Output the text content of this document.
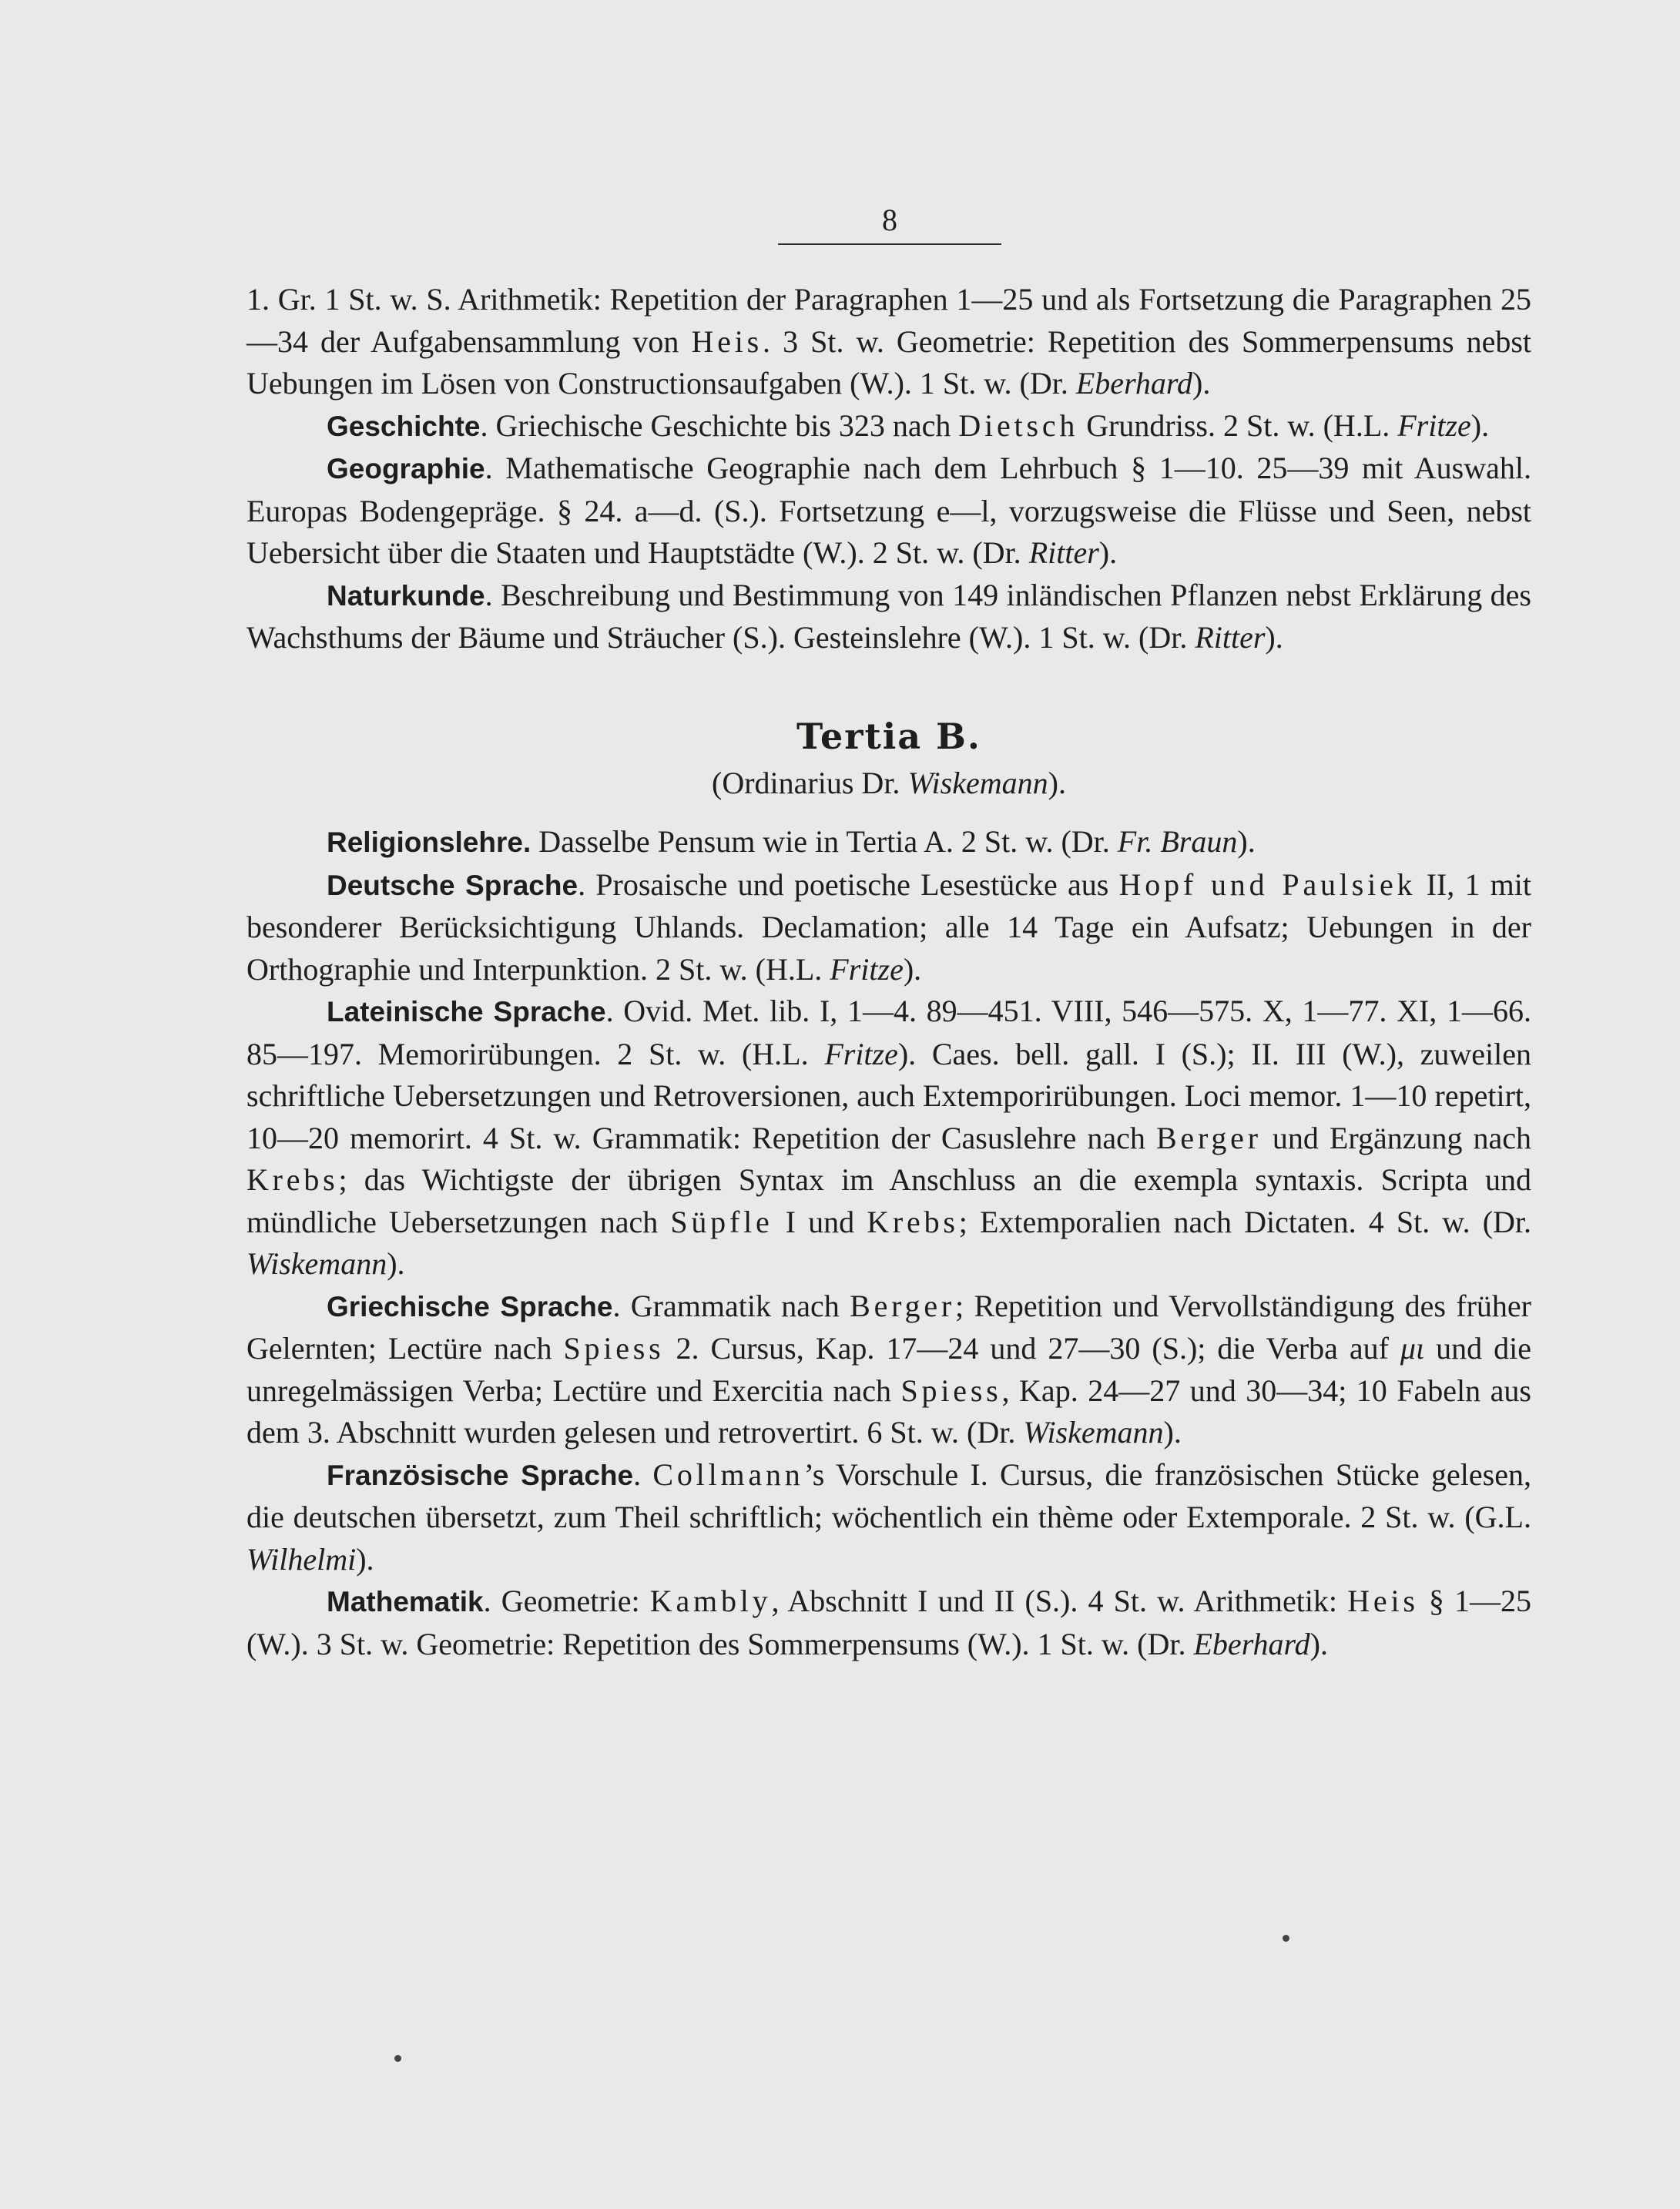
8

1. Gr. 1 St. w. S. Arithmetik: Repetition der Paragraphen 1—25 und als Fortsetzung die Paragraphen 25—34 der Aufgabensammlung von Heis. 3 St. w. Geometrie: Repetition des Sommerpensums nebst Uebungen im Lösen von Constructionsaufgaben (W.). 1 St. w. (Dr. Eberhard).

Geschichte. Griechische Geschichte bis 323 nach Dietsch Grundriss. 2 St. w. (H.L. Fritze).

Geographie. Mathematische Geographie nach dem Lehrbuch § 1—10. 25—39 mit Auswahl. Europas Bodengepräge. § 24. a—d. (S.). Fortsetzung e—l, vorzugsweise die Flüsse und Seen, nebst Uebersicht über die Staaten und Hauptstädte (W.). 2 St. w. (Dr. Ritter).

Naturkunde. Beschreibung und Bestimmung von 149 inländischen Pflanzen nebst Erklärung des Wachsthums der Bäume und Sträucher (S.). Gesteinslehre (W.). 1 St. w. (Dr. Ritter).

Tertia B.
(Ordinarius Dr. Wiskemann).

Religionslehre. Dasselbe Pensum wie in Tertia A. 2 St. w. (Dr. Fr. Braun).

Deutsche Sprache. Prosaische und poetische Lesestücke aus Hopf und Paulsiek II, 1 mit besonderer Berücksichtigung Uhlands. Declamation; alle 14 Tage ein Aufsatz; Uebungen in der Orthographie und Interpunktion. 2 St. w. (H.L. Fritze).

Lateinische Sprache. Ovid. Met. lib. I, 1—4. 89—451. VIII, 546—575. X, 1—77. XI, 1—66. 85—197. Memorirübungen. 2 St. w. (H.L. Fritze). Caes. bell. gall. I (S.); II. III (W.), zuweilen schriftliche Uebersetzungen und Retroversionen, auch Extemporirübungen. Loci memor. 1—10 repetirt, 10—20 memorirt. 4 St. w. Grammatik: Repetition der Casuslehre nach Berger und Ergänzung nach Krebs; das Wichtigste der übrigen Syntax im Anschluss an die exempla syntaxis. Scripta und mündliche Uebersetzungen nach Süpfle I und Krebs; Extemporalien nach Dictaten. 4 St. w. (Dr. Wiskemann).

Griechische Sprache. Grammatik nach Berger; Repetition und Vervollständigung des früher Gelernten; Lectüre nach Spiess 2. Cursus, Kap. 17—24 und 27—30 (S.); die Verba auf μι und die unregelmässigen Verba; Lectüre und Exercitia nach Spiess, Kap. 24—27 und 30—34; 10 Fabeln aus dem 3. Abschnitt wurden gelesen und retrovertirt. 6 St. w. (Dr. Wiskemann).

Französische Sprache. Collmann’s Vorschule I. Cursus, die französischen Stücke gelesen, die deutschen übersetzt, zum Theil schriftlich; wöchentlich ein thème oder Extemporale. 2 St. w. (G.L. Wilhelmi).

Mathematik. Geometrie: Kambly, Abschnitt I und II (S.). 4 St. w. Arithmetik: Heis § 1—25 (W.). 3 St. w. Geometrie: Repetition des Sommerpensums (W.). 1 St. w. (Dr. Eberhard).
